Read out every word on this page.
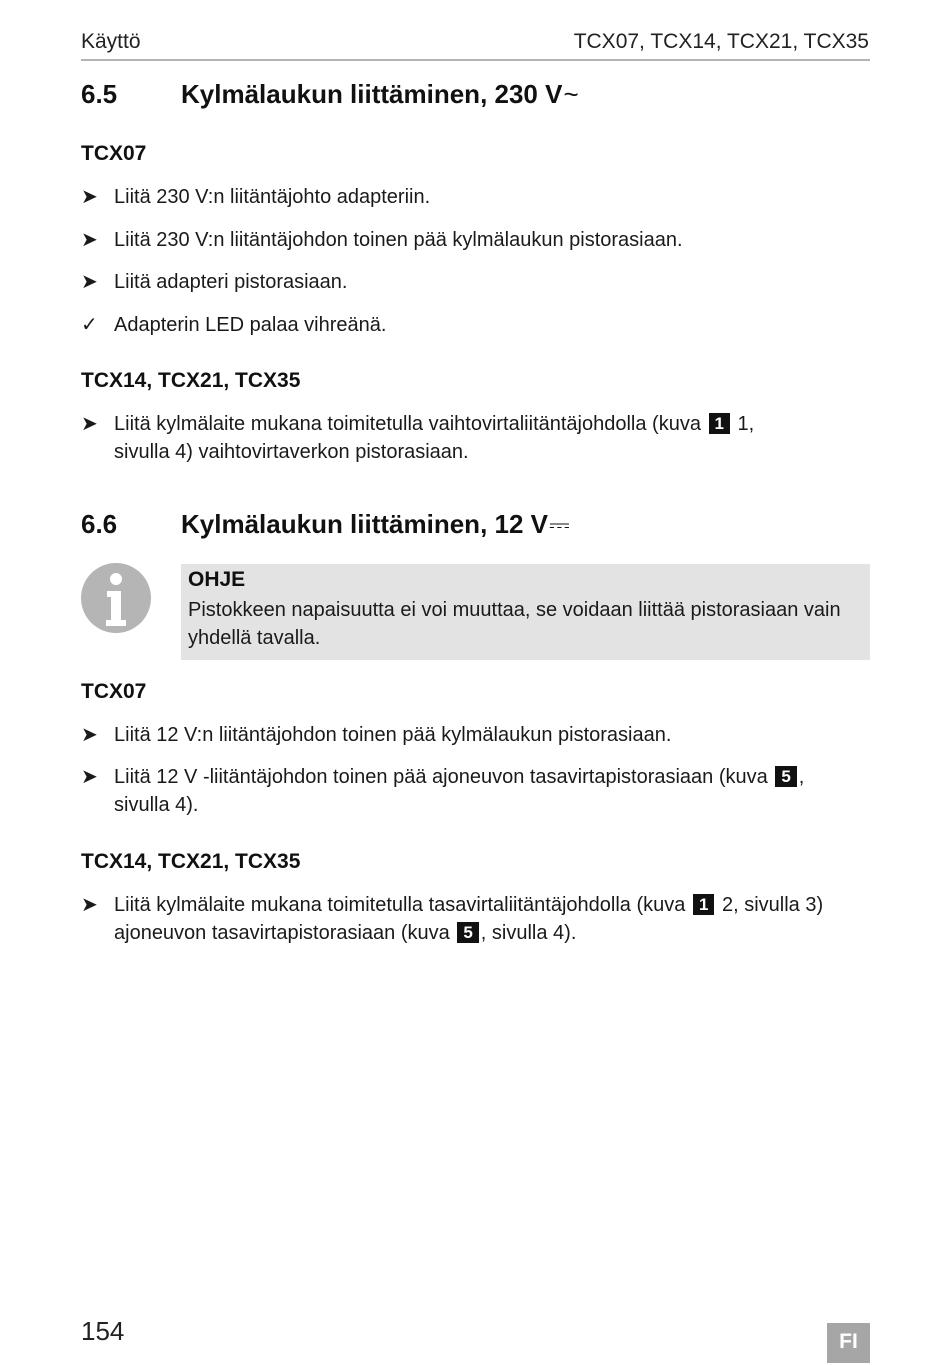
Käyttö	TCX07, TCX14, TCX21, TCX35
6.5 Kylmälaukun liittäminen, 230 V~
TCX07
➤ Liitä 230 V:n liitäntäjohto adapteriin.
➤ Liitä 230 V:n liitäntäjohdon toinen pää kylmälaukun pistorasiaan.
➤ Liitä adapteri pistorasiaan.
✓ Adapterin LED palaa vihreänä.
TCX14, TCX21, TCX35
➤ Liitä kylmälaite mukana toimitetulla vaihtovirtaliitäntäjohdolla (kuva 1 1,
sivulla 4) vaihtovirtaverkon pistorasiaan.
6.6 Kylmälaukun liittäminen, 12 V⎓
OHJE
Pistokkeen napaisuutta ei voi muuttaa, se voidaan liittää pistorasiaan vain yhdellä tavalla.
TCX07
➤ Liitä 12 V:n liitäntäjohdon toinen pää kylmälaukun pistorasiaan.
➤ Liitä 12 V -liitäntäjohdon toinen pää ajoneuvon tasavirtapistorasiaan (kuva 5 ,
sivulla 4).
TCX14, TCX21, TCX35
➤ Liitä kylmälaite mukana toimitetulla tasavirtaliitäntäjohdolla (kuva 1 2, sivulla 3)
ajoneuvon tasavirtapistorasiaan (kuva 5 , sivulla 4).
154	FI
